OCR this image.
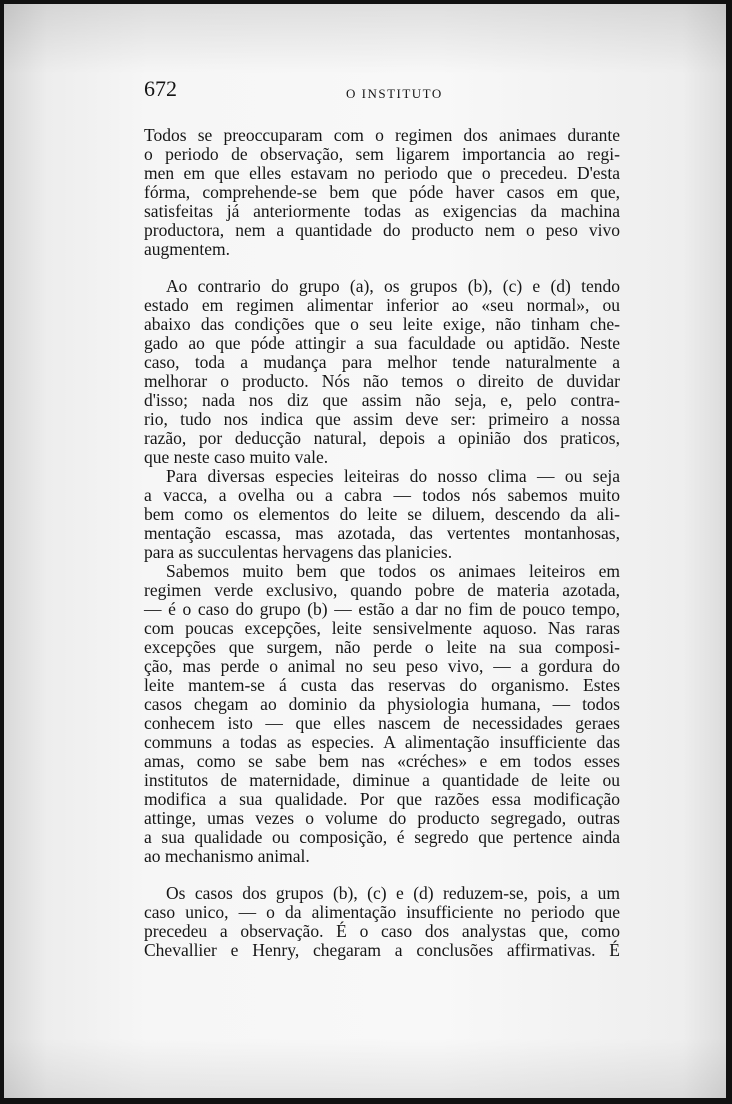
672	O INSTITUTO
Todos se preoccuparam com o regimen dos animaes durante
o periodo de observação, sem ligarem importancia ao regi-
men em que elles estavam no periodo que o precedeu. D'esta
fórma, comprehende-se bem que póde haver casos em que,
satisfeitas já anteriormente todas as exigencias da machina
productora, nem a quantidade do producto nem o peso vivo
augmentem.
Ao contrario do grupo (a), os grupos (b), (c) e (d) tendo
estado em regimen alimentar inferior ao «seu normal», ou
abaixo das condições que o seu leite exige, não tinham che-
gado ao que póde attingir a sua faculdade ou aptidão. Neste
caso, toda a mudança para melhor tende naturalmente a
melhorar o producto. Nós não temos o direito de duvidar
d'isso; nada nos diz que assim não seja, e, pelo contra-
rio, tudo nos indica que assim deve ser: primeiro a nossa
razão, por deducção natural, depois a opinião dos praticos,
que neste caso muito vale.
Para diversas especies leiteiras do nosso clima — ou seja
a vacca, a ovelha ou a cabra — todos nós sabemos muito
bem como os elementos do leite se diluem, descendo da ali-
mentação escassa, mas azotada, das vertentes montanhosas,
para as succulentas hervagens das planicies.
Sabemos muito bem que todos os animaes leiteiros em
regimen verde exclusivo, quando pobre de materia azotada,
— é o caso do grupo (b) — estão a dar no fim de pouco tempo,
com poucas excepções, leite sensivelmente aquoso. Nas raras
excepções que surgem, não perde o leite na sua composi-
ção, mas perde o animal no seu peso vivo, — a gordura do
leite mantem-se á custa das reservas do organismo. Estes
casos chegam ao dominio da physiologia humana, — todos
conhecem isto — que elles nascem de necessidades geraes
communs a todas as especies. A alimentação insufficiente das
amas, como se sabe bem nas «créches» e em todos esses
institutos de maternidade, diminue a quantidade de leite ou
modifica a sua qualidade. Por que razões essa modificação
attinge, umas vezes o volume do producto segregado, outras
a sua qualidade ou composição, é segredo que pertence ainda
ao mechanismo animal.
Os casos dos grupos (b), (c) e (d) reduzem-se, pois, a um
caso unico, — o da alimentação insufficiente no periodo que
precedeu a observação. É o caso dos analystas que, como
Chevallier e Henry, chegaram a conclusões affirmativas. É
